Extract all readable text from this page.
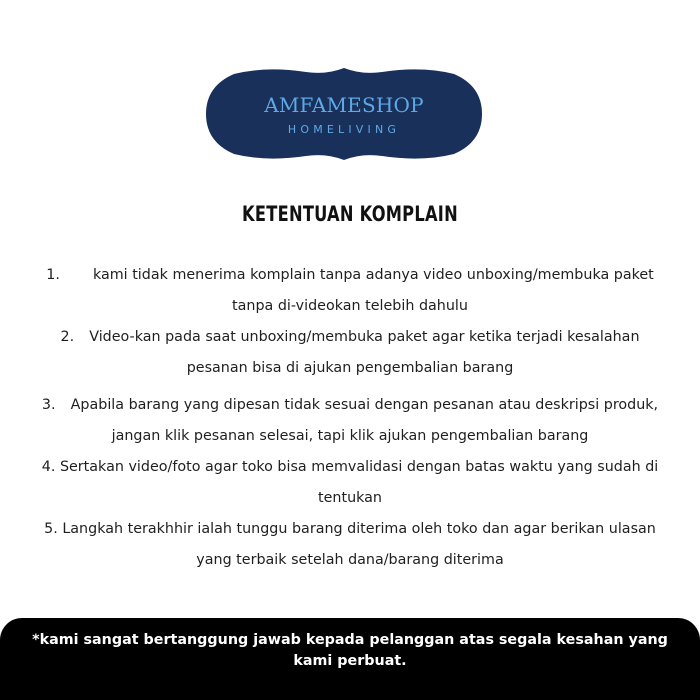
AMFAMESHOP
HOMELIVING
KETENTUAN KOMPLAIN
1. kami tidak menerima komplain tanpa adanya video unboxing/membuka paket
tanpa di-videokan telebih dahulu
2. Video-kan pada saat unboxing/membuka paket agar ketika terjadi kesalahan
pesanan bisa di ajukan pengembalian barang
3. Apabila barang yang dipesan tidak sesuai dengan pesanan atau deskripsi produk,
jangan klik pesanan selesai, tapi klik ajukan pengembalian barang
4. Sertakan video/foto agar toko bisa memvalidasi dengan batas waktu yang sudah di
tentukan
5. Langkah terakhhir ialah tunggu barang diterima oleh toko dan agar berikan ulasan
yang terbaik setelah dana/barang diterima
*kami sangat bertanggung jawab kepada pelanggan atas segala kesahan yang kami perbuat.
